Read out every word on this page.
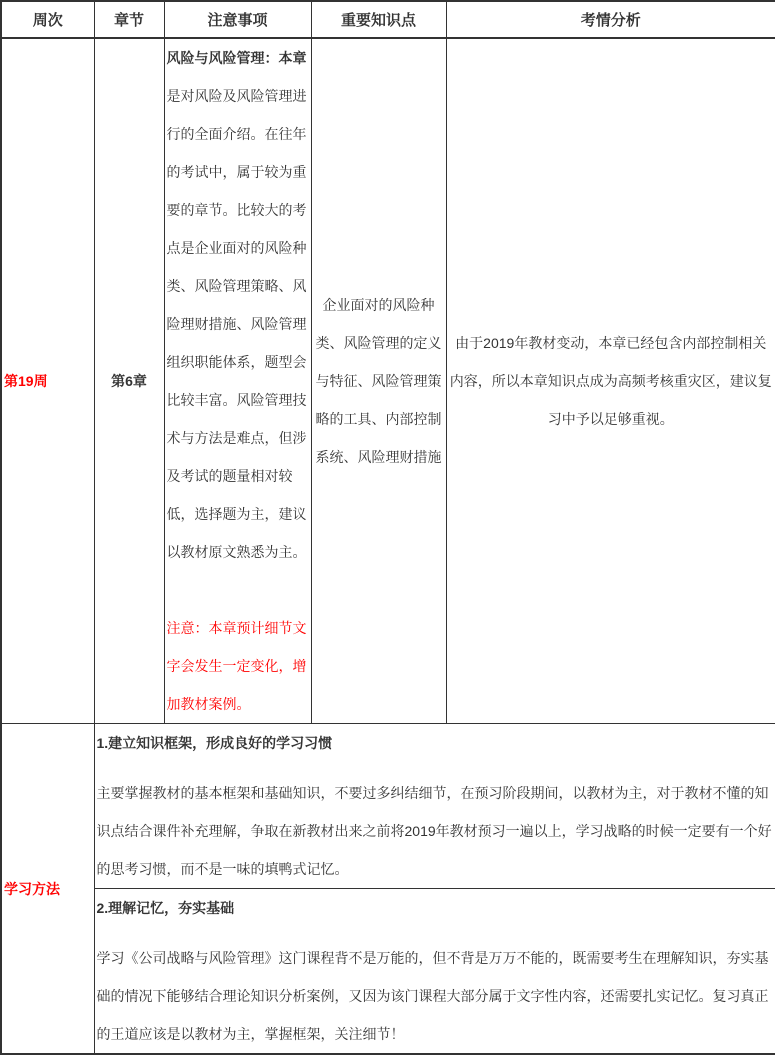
周次	章节	注意事项	重要知识点	考情分析
第19周	第6章	风险与风险管理：本章是对风险及风险管理进行的全面介绍。在往年的考试中，属于较为重要的章节。比较大的考点是企业面对的风险种类、风险管理策略、风险理财措施、风险管理组织职能体系，题型会比较丰富。风险管理技术与方法是难点，但涉及考试的题量相对较低，选择题为主，建议以教材原文熟悉为主。

注意：本章预计细节文字会发生一定变化，增加教材案例。	企业面对的风险种类、风险管理的定义与特征、风险管理策略的工具、内部控制系统、风险理财措施	由于2019年教材变动，本章已经包含内部控制相关内容，所以本章知识点成为高频考核重灾区，建议复习中予以足够重视。
学习方法	1.建立知识框架，形成良好的学习习惯

主要掌握教材的基本框架和基础知识，不要过多纠结细节，在预习阶段期间，以教材为主，对于教材不懂的知识点结合课件补充理解，争取在新教材出来之前将2019年教材预习一遍以上，学习战略的时候一定要有一个好的思考习惯，而不是一味的填鸭式记忆。			

	2.理解记忆，夯实基础

学习《公司战略与风险管理》这门课程背不是万能的，但不背是万万不能的，既需要考生在理解知识，夯实基础的情况下能够结合理论知识分析案例，又因为该门课程大部分属于文字性内容，还需要扎实记忆。复习真正的王道应该是以教材为主，掌握框架，关注细节！			
